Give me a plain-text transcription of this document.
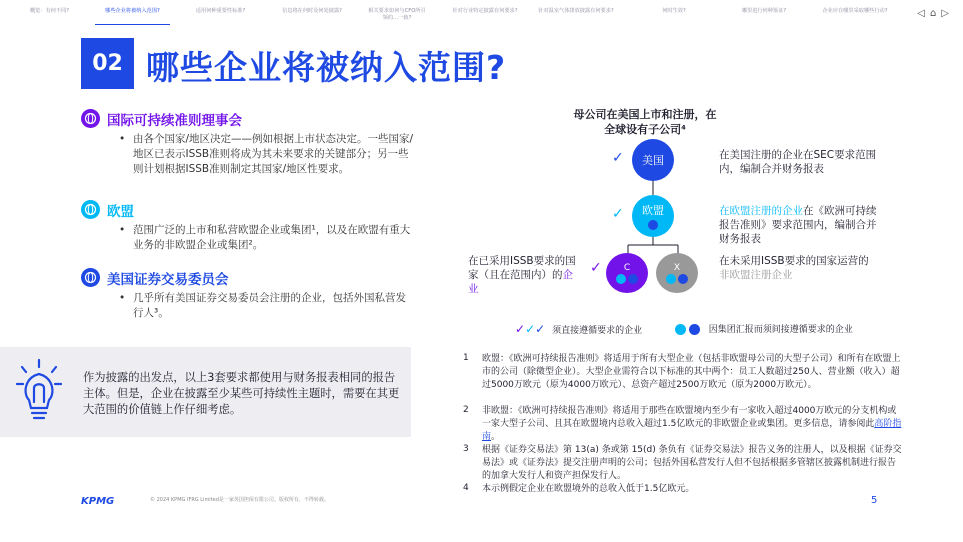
概览：有何不同?	哪些企业将被纳入范围?	适用何种重要性标准?	信息将在何时及何处披露?	相关要求如何与CFO所引领的…一致?
针对行业特定披露有何要求?	针对温室气体排放披露有何要求?	何时生效?	哪里进行何种鉴证?	企业应在哪里采取哪些行动?	◁ ⌂ ▷
02 哪些企业将被纳入范围?
国际可持续准则理事会
• 由各个国家/地区决定——例如根据上市状态决定。一些国家/地区已表示ISSB准则将成为其未来要求的关键部分；另一些则计划根据ISSB准则制定其国家/地区性要求。
欧盟
• 范围广泛的上市和私营欧盟企业或集团¹，以及在欧盟有重大业务的非欧盟企业或集团²。
美国证券交易委员会
• 几乎所有美国证券交易委员会注册的企业，包括外国私营发行人³。
作为披露的出发点，以上3套要求都使用与财务报表相同的报告主体。但是，企业在披露至少某些可持续性主题时，需要在其更大范围的价值链上作仔细考虑。
母公司在美国上市和注册，在全球设有子公司⁴
✓	美国	在美国注册的企业在SEC要求范围内，编制合并财务报表
✓ 欧盟	在欧盟注册的企业在《欧洲可持续报告准则》要求范围内，编制合并财务报表
✓ C	X
在已采用ISSB要求的国家（且在范围内）的企业
在未采用ISSB要求的国家运营的非欧盟注册企业
✓✓✓ 须直接遵循要求的企业	因集团汇报而须间接遵循要求的企业
1 欧盟：《欧洲可持续报告准则》将适用于所有大型企业（包括非欧盟母公司的大型子公司）和所有在欧盟上市的公司（除微型企业）。大型企业需符合以下标准的其中两个：员工人数超过250人、营业额（收入）超过5000万欧元（原为4000万欧元）、总资产超过2500万欧元（原为2000万欧元）。
2 非欧盟：《欧洲可持续报告准则》将适用于那些在欧盟境内至少有一家收入超过4000万欧元的分支机构或一家大型子公司、且其在欧盟境内总收入超过1.5亿欧元的非欧盟企业或集团。更多信息，请参阅此高阶指南。
3 根据《证券交易法》第 13(a) 条或第 15(d) 条负有《证券交易法》报告义务的注册人，以及根据《证券交易法》或《证券法》提交注册声明的公司；包括外国私营发行人但不包括根据多管辖区披露机制进行报告的加拿大发行人和资产担保发行人。
4 本示例假定企业在欧盟境外的总收入低于1.5亿欧元。
KPMG	© 2024 KPMG IFRG Limited是一家英国担保有限公司。版权所有，不得转载。	5
